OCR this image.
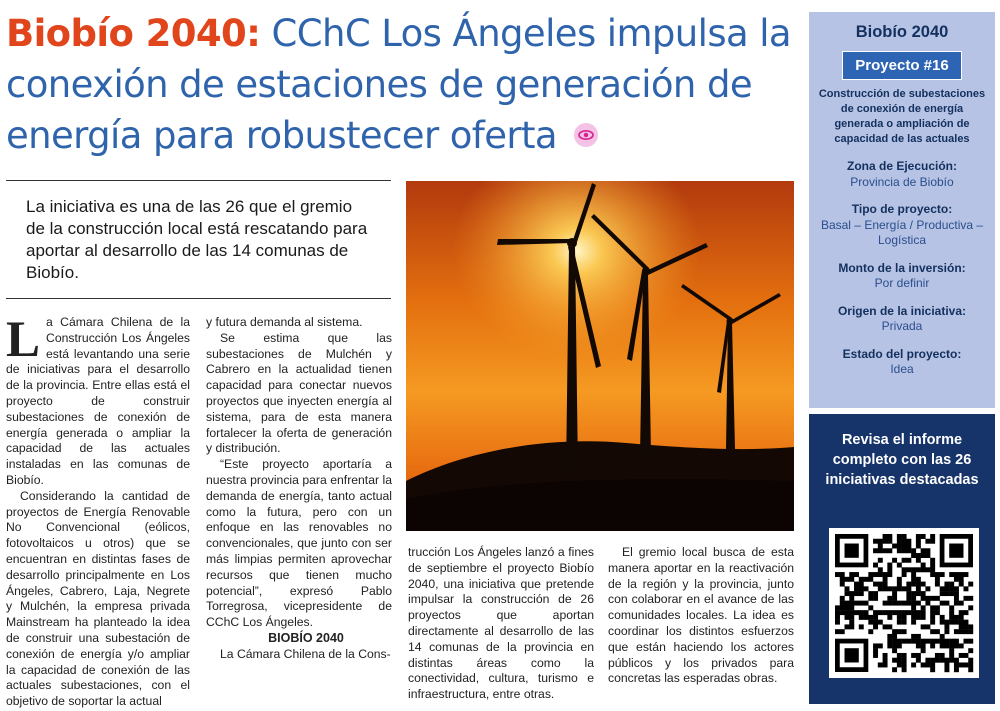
Biobío 2040: CChC Los Ángeles impulsa la conexión de estaciones de generación de energía para robustecer oferta
La iniciativa es una de las 26 que el gremio de la construcción local está rescatando para aportar al desarrollo de las 14 comunas de Biobío.

La Cámara Chilena de la Construcción Los Ángeles está levantando una serie de iniciativas para el desarrollo de la provincia. Entre ellas está el proyecto de construir subestaciones de conexión de energía generada o ampliar la capacidad de las actuales instaladas en las comunas de Biobío.

Considerando la cantidad de proyectos de Energía Renovable No Convencional (eólicos, fotovoltaicos u otros) que se encuentran en distintas fases de desarrollo principalmente en Los Ángeles, Cabrero, Laja, Negrete y Mulchén, la empresa privada Mainstream ha planteado la idea de construir una subestación de conexión de energía y/o ampliar la capacidad de conexión de las actuales subestaciones, con el objetivo de soportar la actual

y futura demanda al sistema.

Se estima que las subestaciones de Mulchén y Cabrero en la actualidad tienen capacidad para conectar nuevos proyectos que inyecten energía al sistema, para de esta manera fortalecer la oferta de generación y distribución.

“Este proyecto aportaría a nuestra provincia para enfrentar la demanda de energía, tanto actual como la futura, pero con un enfoque en las renovables no convencionales, que junto con ser más limpias permiten aprovechar recursos que tienen mucho potencial”, expresó Pablo Torregrosa, vicepresidente de CChC Los Ángeles.

BIOBÍO 2040

La Cámara Chilena de la Cons-

trucción Los Ángeles lanzó a fines de septiembre el proyecto Biobío 2040, una iniciativa que pretende impulsar la construcción de 26 proyectos que aportan directamente al desarrollo de las 14 comunas de la provincia en distintas áreas como la conectividad, cultura, turismo e infraestructura, entre otras.

El gremio local busca de esta manera aportar en la reactivación de la región y la provincia, junto con colaborar en el avance de las comunidades locales. La idea es coordinar los distintos esfuerzos que están haciendo los actores públicos y los privados para concretas las esperadas obras.

Biobío 2040
Proyecto #16
Construcción de subestaciones de conexión de energía generada o ampliación de capacidad de las actuales
Zona de Ejecución:
Provincia de Biobío
Tipo de proyecto:
Basal – Energía / Productiva – Logística
Monto de la inversión:
Por definir
Origen de la iniciativa:
Privada
Estado del proyecto:
Idea
Revisa el informe completo con las 26 iniciativas destacadas
